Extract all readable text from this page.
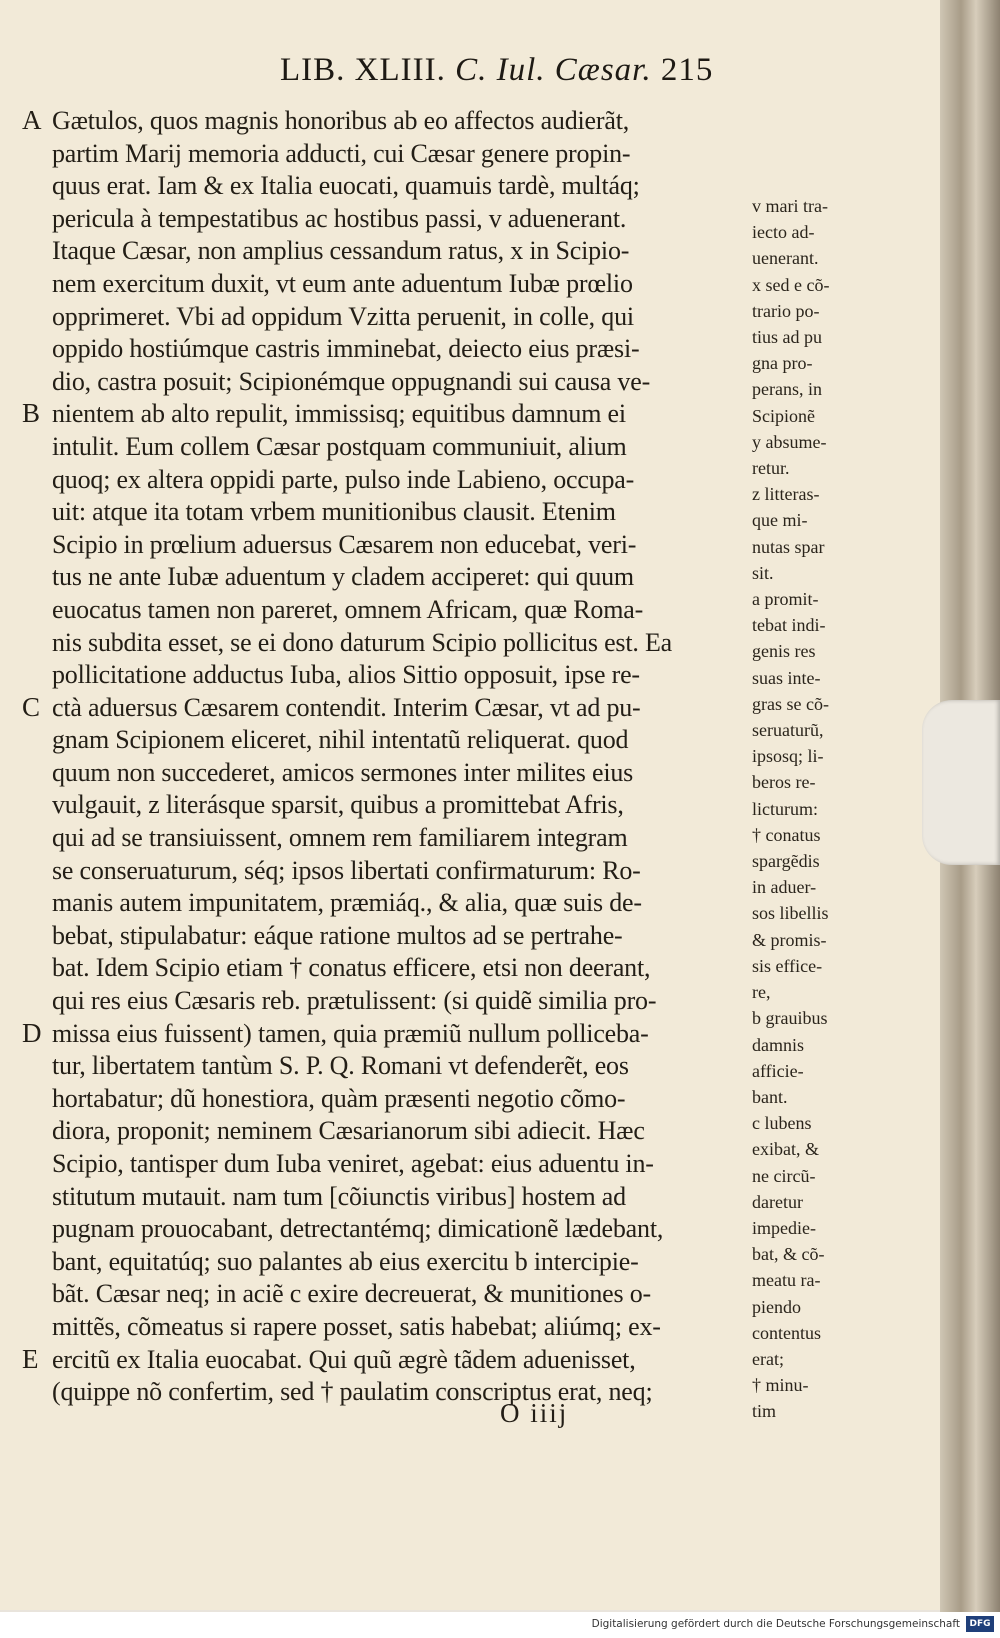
LIB. XLIII. C. Iul. Cæsar. 215
A
B
C
D
E
Gætulos, quos magnis honoribus ab eo affectos audierãt,
partim Marij memoria adducti, cui Cæsar genere propin-
quus erat. Iam & ex Italia euocati, quamuis tardè, multáq;
pericula à tempestatibus ac hostibus passi, v aduenerant.
Itaque Cæsar, non amplius cessandum ratus, x in Scipio-
nem exercitum duxit, vt eum ante aduentum Iubæ prœlio
opprimeret. Vbi ad oppidum Vzitta peruenit, in colle, qui
oppido hostiúmque castris imminebat, deiecto eius præsi-
dio, castra posuit; Scipionémque oppugnandi sui causa ve-
nientem ab alto repulit, immissisq; equitibus damnum ei
intulit. Eum collem Cæsar postquam communiuit, alium
quoq; ex altera oppidi parte, pulso inde Labieno, occupa-
uit: atque ita totam vrbem munitionibus clausit. Etenim
Scipio in prœlium aduersus Cæsarem non educebat, veri-
tus ne ante Iubæ aduentum y cladem acciperet: qui quum
euocatus tamen non pareret, omnem Africam, quæ Roma-
nis subdita esset, se ei dono daturum Scipio pollicitus est. Ea
pollicitatione adductus Iuba, alios Sittio opposuit, ipse re-
ctà aduersus Cæsarem contendit. Interim Cæsar, vt ad pu-
gnam Scipionem eliceret, nihil intentatũ reliquerat. quod
quum non succederet, amicos sermones inter milites eius
vulgauit, z literásque sparsit, quibus a promittebat Afris,
qui ad se transiuissent, omnem rem familiarem integram
se conseruaturum, séq; ipsos libertati confirmaturum: Ro-
manis autem impunitatem, præmiáq., & alia, quæ suis de-
bebat, stipulabatur: eáque ratione multos ad se pertrahe-
bat. Idem Scipio etiam † conatus efficere, etsi non deerant,
qui res eius Cæsaris reb. prætulissent: (si quidẽ similia pro-
missa eius fuissent) tamen, quia præmiũ nullum polliceba-
tur, libertatem tantùm S. P. Q. Romani vt defenderẽt, eos
hortabatur; dũ honestiora, quàm præsenti negotio cõmo-
diora, proponit; neminem Cæsarianorum sibi adiecit. Hæc
Scipio, tantisper dum Iuba veniret, agebat: eius aduentu in-
stitutum mutauit. nam tum [cõiunctis viribus] hostem ad
pugnam prouocabant, detrectantémq; dimicationẽ lædebant,
bant, equitatúq; suo palantes ab eius exercitu b intercipie-
bãt. Cæsar neq; in aciẽ c exire decreuerat, & munitiones o-
mittẽs, cõmeatus si rapere posset, satis habebat; aliúmq; ex-
ercitũ ex Italia euocabat. Qui quũ ægrè tãdem aduenisset,
(quippe nõ confertim, sed † paulatim conscriptus erat, neq;
v mari tra-
iecto ad-
uenerant.
x sed e cõ-
trario po-
tius ad pu
gna pro-
perans, in
Scipionẽ
y absume-
retur.
z litteras-
que mi-
nutas spar
sit.
a promit-
tebat indi-
genis res
suas inte-
gras se cõ-
seruaturũ,
ipsosq; li-
beros re-
licturum:
† conatus
spargẽdis
in aduer-
sos libellis
& promis-
sis effice-
re,
b grauibus
damnis
afficie-
bant.
c lubens
exibat, &
ne circũ-
daretur
impedie-
bat, & cõ-
meatu ra-
piendo
contentus
erat;
† minu-
tim
O iiij
Digitalisierung gefördert durch die Deutsche Forschungsgemeinschaft	DFG
